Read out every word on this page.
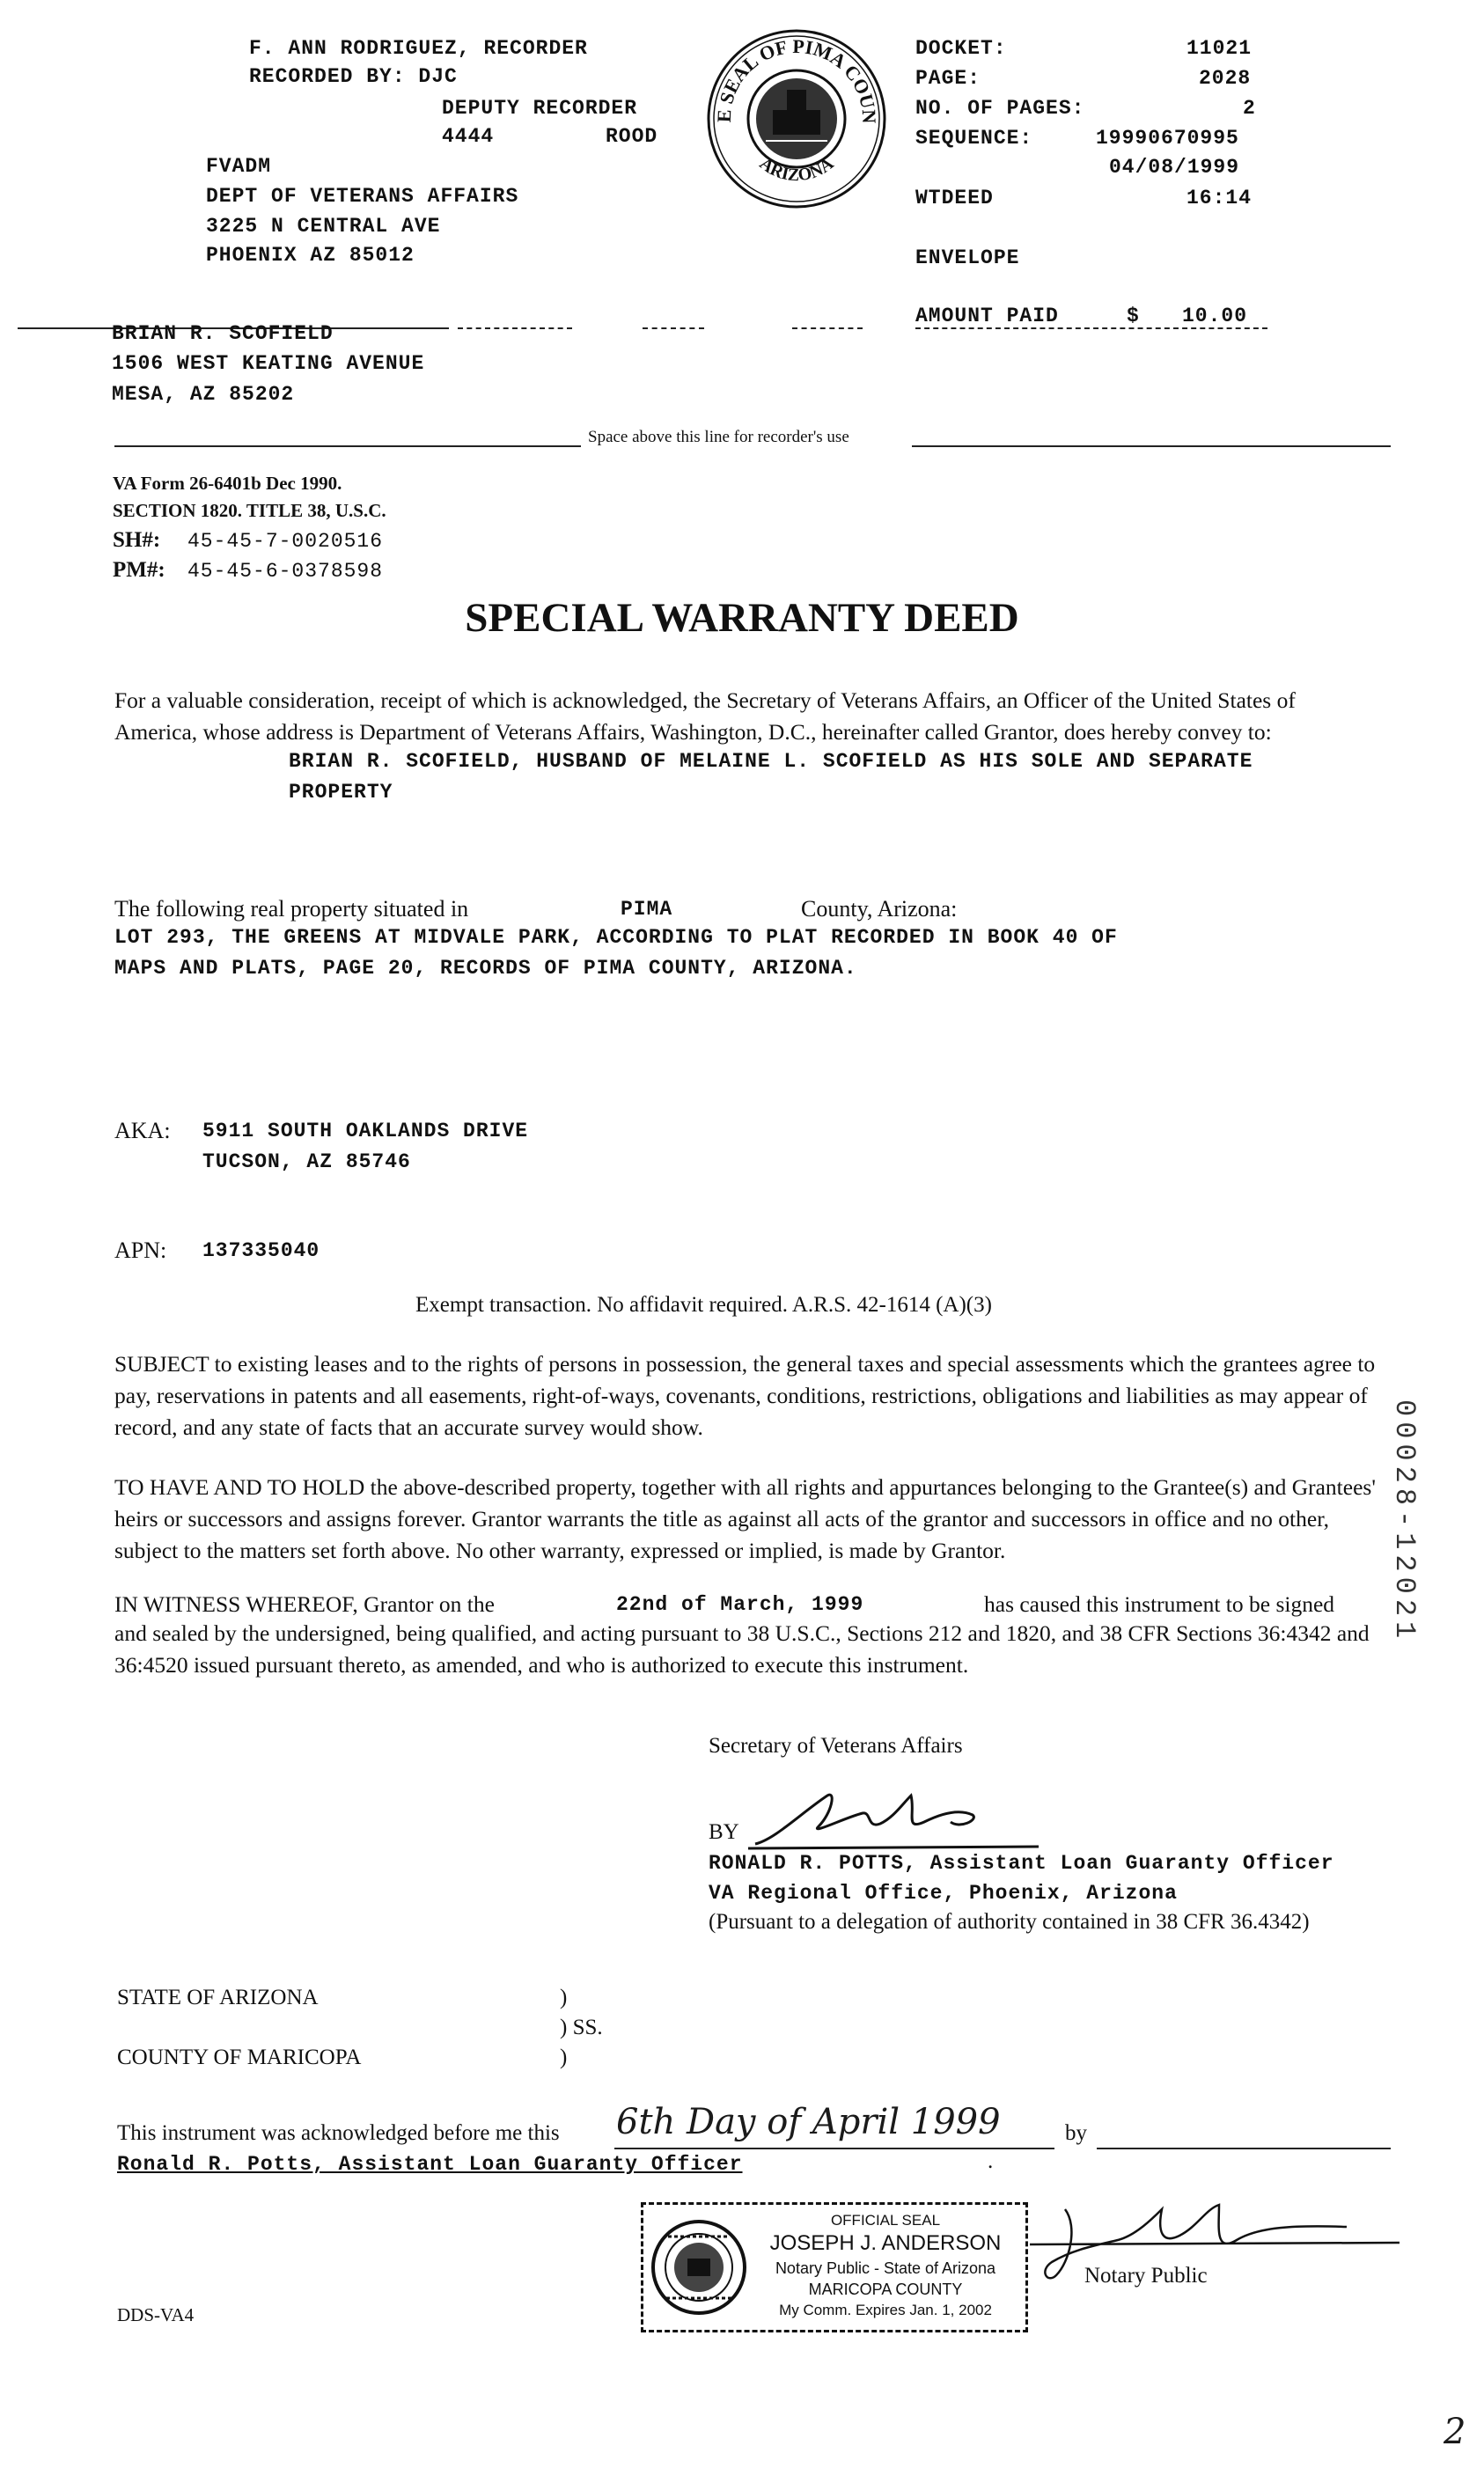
F. ANN RODRIGUEZ, RECORDER
RECORDED BY: DJC
DEPUTY RECORDER
4444	ROOD
FVADM
DEPT OF VETERANS AFFAIRS
3225 N CENTRAL AVE
PHOENIX AZ 85012
E SEAL OF PIMA COUN
ARIZONA
DOCKET:	11021
PAGE:	2028
NO. OF PAGES:	2
SEQUENCE:	19990670995
04/08/1999
WTDEED	16:14
ENVELOPE
AMOUNT PAID	$ 10.00
BRIAN R. SCOFIELD
1506 WEST KEATING AVENUE
MESA, AZ 85202
Space above this line for recorder's use
VA Form 26-6401b Dec 1990.
SECTION 1820. TITLE 38, U.S.C.
SH#: 45-45-7-0020516
PM#: 45-45-6-0378598
SPECIAL WARRANTY DEED
For a valuable consideration, receipt of which is acknowledged, the Secretary of Veterans Affairs, an Officer of the United States of America, whose address is Department of Veterans Affairs, Washington, D.C., hereinafter called Grantor, does hereby convey to:
BRIAN R. SCOFIELD, HUSBAND OF MELAINE L. SCOFIELD AS HIS SOLE AND SEPARATE
PROPERTY
The following real property situated in	PIMA	County, Arizona:
LOT 293, THE GREENS AT MIDVALE PARK, ACCORDING TO PLAT RECORDED IN BOOK 40 OF
MAPS AND PLATS, PAGE 20, RECORDS OF PIMA COUNTY, ARIZONA.
AKA: 5911 SOUTH OAKLANDS DRIVE
TUCSON, AZ 85746
APN: 137335040
Exempt transaction. No affidavit required. A.R.S. 42-1614 (A)(3)
SUBJECT to existing leases and to the rights of persons in possession, the general taxes and special assessments which the grantees agree to pay, reservations in patents and all easements, right-of-ways, covenants, conditions, restrictions, obligations and liabilities as may appear of record, and any state of facts that an accurate survey would show.
TO HAVE AND TO HOLD the above-described property, together with all rights and appurtances belonging to the Grantee(s) and Grantees' heirs or successors and assigns forever. Grantor warrants the title as against all acts of the grantor and successors in office and no other, subject to the matters set forth above. No other warranty, expressed or implied, is made by Grantor.
IN WITNESS WHEREOF, Grantor on the	22nd of March, 1999	has caused this instrument to be signed
and sealed by the undersigned, being qualified, and acting pursuant to 38 U.S.C., Sections 212 and 1820, and 38 CFR Sections 36:4342 and 36:4520 issued pursuant thereto, as amended, and who is authorized to execute this instrument.
Secretary of Veterans Affairs
BY
RONALD R. POTTS, Assistant Loan Guaranty Officer
VA Regional Office, Phoenix, Arizona
(Pursuant to a delegation of authority contained in 38 CFR 36.4342)
STATE OF ARIZONA	)
) SS.
COUNTY OF MARICOPA	)
This instrument was acknowledged before me this 6th Day of April 1999	by
Ronald R. Potts, Assistant Loan Guaranty Officer	.
OFFICIAL SEAL
JOSEPH J. ANDERSON
Notary Public - State of Arizona
MARICOPA COUNTY
My Comm. Expires Jan. 1, 2002
Notary Public
DDS-VA4
00028-12021
2
